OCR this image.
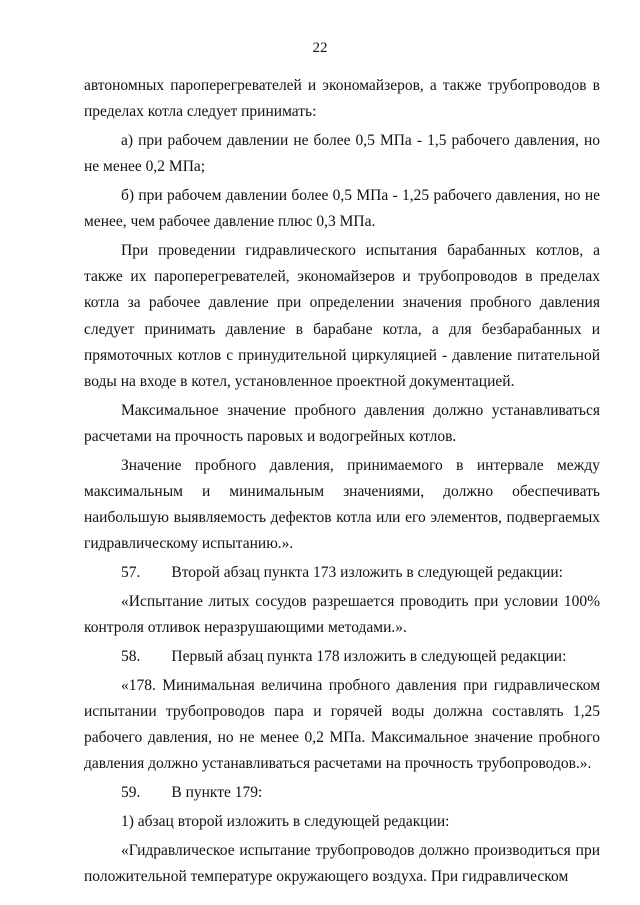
22

автономных пароперегревателей и экономайзеров, а также трубопроводов в пределах котла следует принимать:

а) при рабочем давлении не более 0,5 МПа - 1,5 рабочего давления, но не менее 0,2 МПа;

б) при рабочем давлении более 0,5 МПа - 1,25 рабочего давления, но не менее, чем рабочее давление плюс 0,3 МПа.

При проведении гидравлического испытания барабанных котлов, а также их пароперегревателей, экономайзеров и трубопроводов в пределах котла за рабочее давление при определении значения пробного давления следует принимать давление в барабане котла, а для безбарабанных и прямоточных котлов с принудительной циркуляцией - давление питательной воды на входе в котел, установленное проектной документацией.

Максимальное значение пробного давления должно устанавливаться расчетами на прочность паровых и водогрейных котлов.

Значение пробного давления, принимаемого в интервале между максимальным и минимальным значениями, должно обеспечивать наибольшую выявляемость дефектов котла или его элементов, подвергаемых гидравлическому испытанию.».

57.  Второй абзац пункта 173 изложить в следующей редакции:

«Испытание литых сосудов разрешается проводить при условии 100% контроля отливок неразрушающими методами.».

58.  Первый абзац пункта 178 изложить в следующей редакции:

«178. Минимальная величина пробного давления при гидравлическом испытании трубопроводов пара и горячей воды должна составлять 1,25 рабочего давления, но не менее 0,2 МПа. Максимальное значение пробного давления должно устанавливаться расчетами на прочность трубопроводов.».

59.  В пункте 179:

1) абзац второй изложить в следующей редакции:

«Гидравлическое испытание трубопроводов должно производиться при положительной температуре окружающего воздуха. При гидравлическом
